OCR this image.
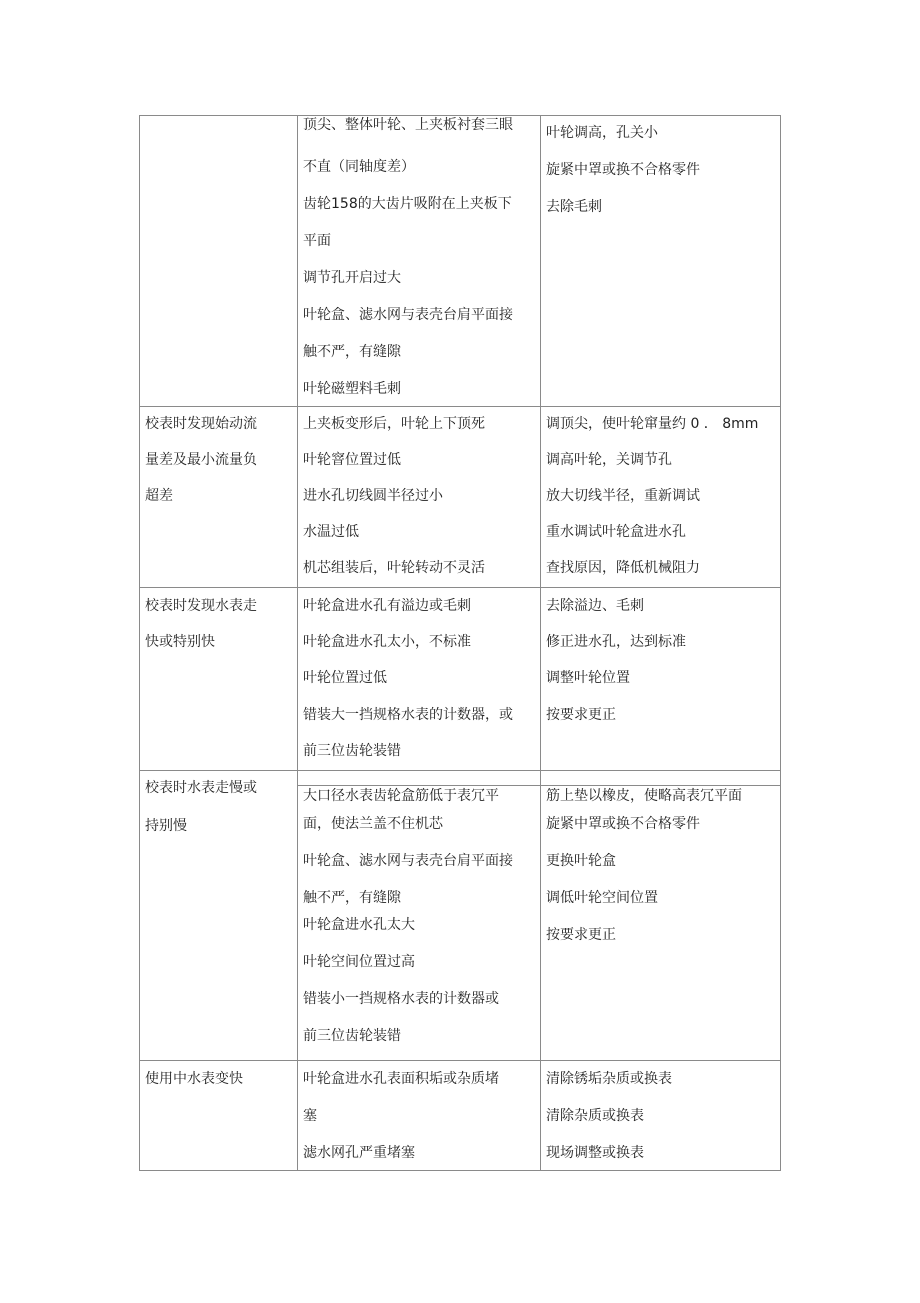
顶尖、整体叶轮、上夹板衬套三眼
不直（同轴度差）
齿轮158的大齿片吸附在上夹板下
平面
调节孔开启过大
叶轮盒、滤水网与表壳台肩平面接
触不严，有缝隙
叶轮磁塑料毛刺
叶轮调高，孔关小
旋紧中罩或换不合格零件
去除毛刺
校表时发现始动流
量差及最小流量负
超差
上夹板变形后，叶轮上下顶死
叶轮窨位置过低
进水孔切线圆半径过小
水温过低
机芯组装后，叶轮转动不灵活
调顶尖，使叶轮窜量约 0 ． 8mm
调高叶轮，关调节孔
放大切线半径，重新调试
重水调试叶轮盒进水孔
查找原因，降低机械阻力
校表时发现水表走
快或特别快
叶轮盒进水孔有溢边或毛刺
叶轮盒进水孔太小，不标准
叶轮位置过低
错装大一挡规格水表的计数器，或
前三位齿轮装错
去除溢边、毛刺
修正进水孔，达到标准
调整叶轮位置
按要求更正
校表时水表走慢或
持别慢
大口径水表齿轮盒筋低于表冗平
面，使法兰盖不住机芯
叶轮盒、滤水网与表壳台肩平面接
触不严，有缝隙
叶轮盒进水孔太大
叶轮空间位置过高
错装小一挡规格水表的计数器或
前三位齿轮装错
筋上垫以橡皮，使略高表冗平面
旋紧中罩或换不合格零件
更换叶轮盒
调低叶轮空间位置
按要求更正
使用中水表变快	叶轮盒进水孔表面积垢或杂质堵
塞
滤水网孔严重堵塞
清除锈垢杂质或换表
清除杂质或换表
现场调整或换表
